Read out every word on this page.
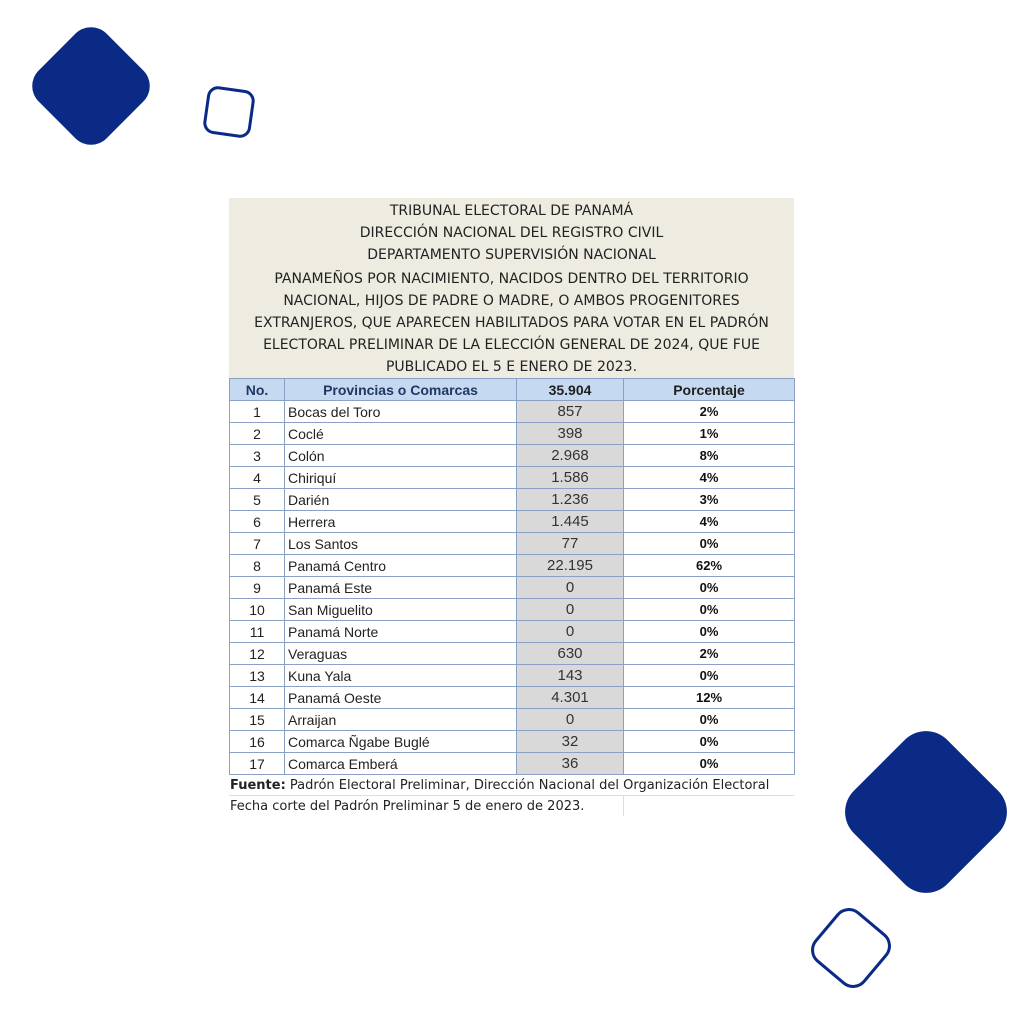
TRIBUNAL ELECTORAL DE PANAMÁ
DIRECCIÓN NACIONAL DEL REGISTRO CIVIL
DEPARTAMENTO SUPERVISIÓN NACIONAL
PANAMEÑOS POR NACIMIENTO, NACIDOS DENTRO DEL TERRITORIO
NACIONAL, HIJOS DE PADRE O MADRE, O AMBOS PROGENITORES
EXTRANJEROS, QUE APARECEN HABILITADOS PARA VOTAR EN EL PADRÓN
ELECTORAL PRELIMINAR DE LA ELECCIÓN GENERAL DE 2024, QUE FUE
PUBLICADO EL 5 E ENERO DE 2023.
No.	Provincias o Comarcas	35.904	Porcentaje
1	Bocas del Toro	857	2%
2	Coclé	398	1%
3	Colón	2.968	8%
4	Chiriquí	1.586	4%
5	Darién	1.236	3%
6	Herrera	1.445	4%
7	Los Santos	77	0%
8	Panamá Centro	22.195	62%
9	Panamá Este	0	0%
10	San Miguelito	0	0%
11	Panamá Norte	0	0%
12	Veraguas	630	2%
13	Kuna Yala	143	0%
14	Panamá Oeste	4.301	12%
15	Arraijan	0	0%
16	Comarca Ñgabe Buglé	32	0%
17	Comarca Emberá	36	0%
Fuente: Padrón Electoral Preliminar, Dirección Nacional del Organización Electoral
Fecha corte del Padrón Preliminar 5 de enero de 2023.
